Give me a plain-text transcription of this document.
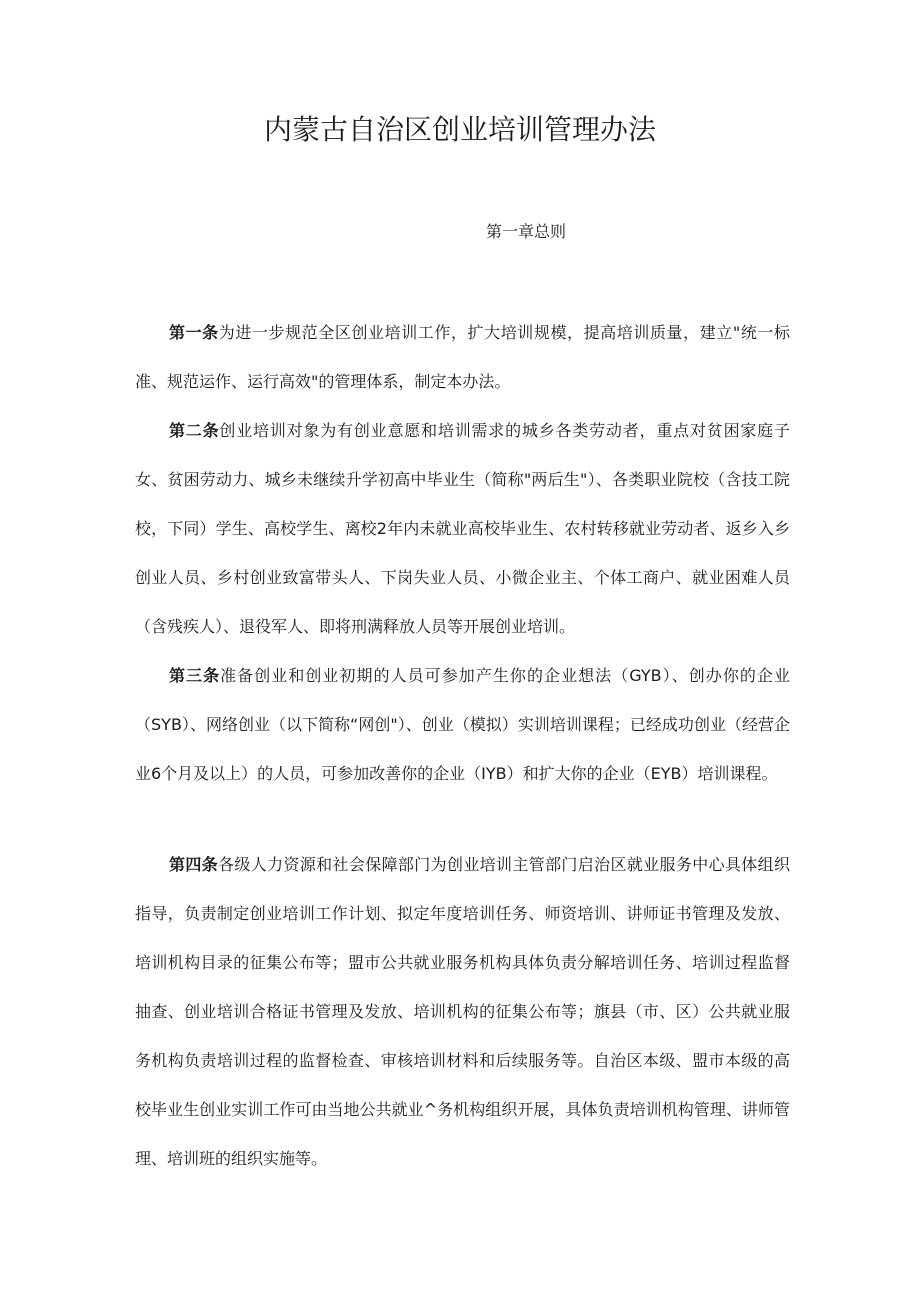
内蒙古自治区创业培训管理办法
第一章总则

第一条为进一步规范全区创业培训工作，扩大培训规模，提高培训质量，建立"统一标准、规范运作、运行高效"的管理体系，制定本办法。

第二条创业培训对象为有创业意愿和培训需求的城乡各类劳动者，重点对贫困家庭子女、贫困劳动力、城乡未继续升学初高中毕业生（简称"两后生"）、各类职业院校（含技工院校，下同）学生、高校学生、离校2年内未就业高校毕业生、农村转移就业劳动者、返乡入乡创业人员、乡村创业致富带头人、下岗失业人员、小微企业主、个体工商户、就业困难人员（含残疾人）、退役军人、即将刑满释放人员等开展创业培训。

第三条准备创业和创业初期的人员可参加产生你的企业想法（GYB）、创办你的企业（SYB）、网络创业（以下简称“网创"）、创业（模拟）实训培训课程；已经成功创业（经营企业6个月及以上）的人员，可参加改善你的企业（IYB）和扩大你的企业（EYB）培训课程。

第四条各级人力资源和社会保障部门为创业培训主管部门启治区就业服务中心具体组织指导，负责制定创业培训工作计划、拟定年度培训任务、师资培训、讲师证书管理及发放、培训机构目录的征集公布等；盟市公共就业服务机构具体负责分解培训任务、培训过程监督抽查、创业培训合格证书管理及发放、培训机构的征集公布等；旗县（市、区）公共就业服务机构负责培训过程的监督检查、审核培训材料和后续服务等。自治区本级、盟市本级的高校毕业生创业实训工作可由当地公共就业^务机构组织开展，具体负责培训机构管理、讲师管理、培训班的组织实施等。
